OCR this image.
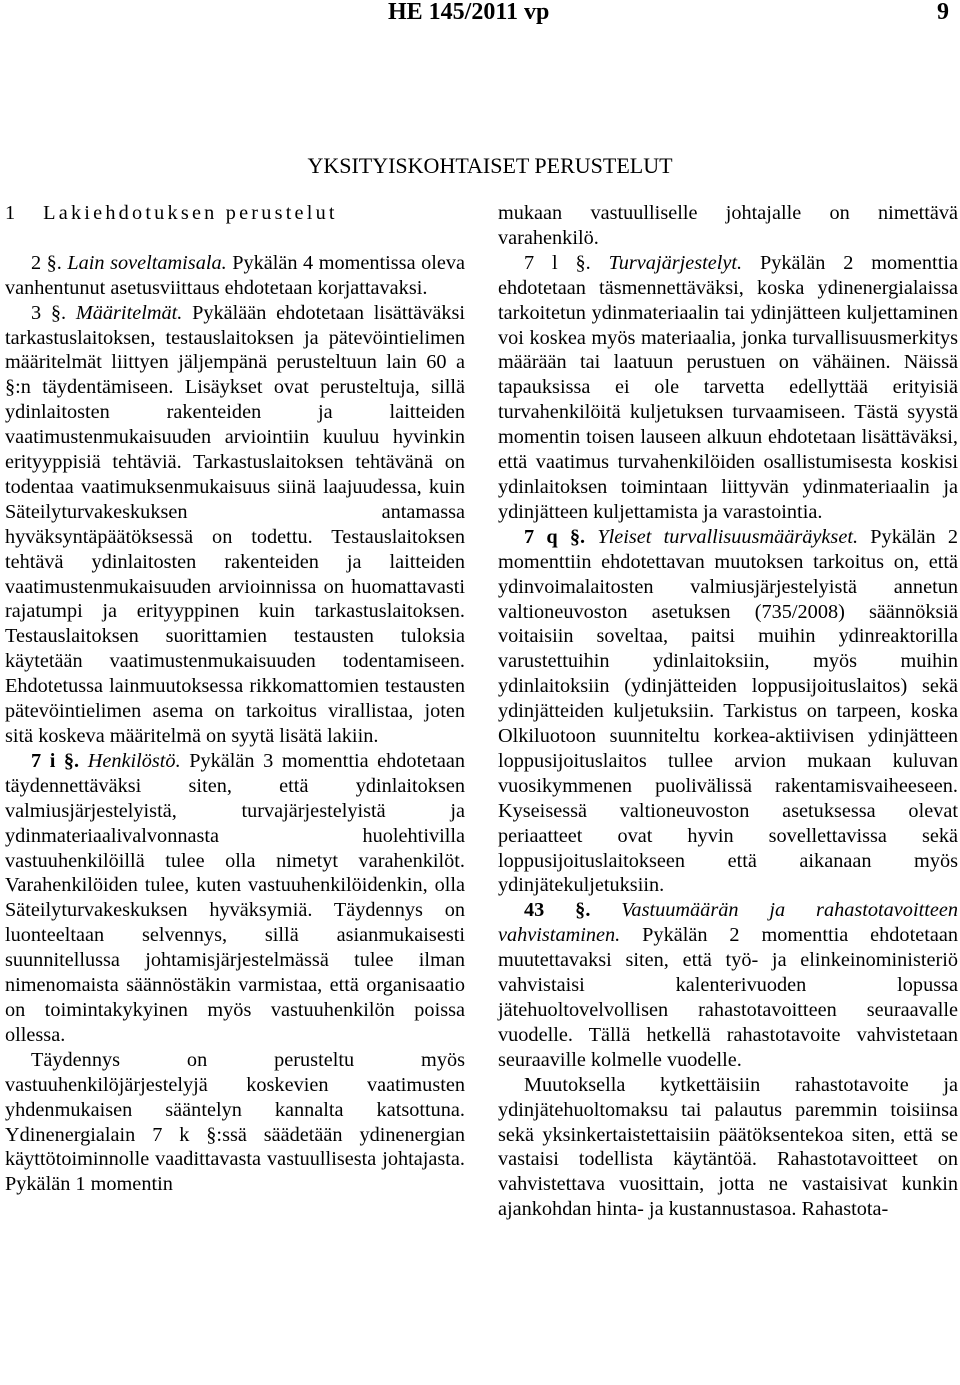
HE 145/2011 vp	9
YKSITYISKOHTAISET PERUSTELUT

1 Lakiehdotuksen perustelut

2 §. Lain soveltamisala. Pykälän 4 momentissa oleva vanhentunut asetusviittaus ehdotetaan korjattavaksi.

3 §. Määritelmät. Pykälään ehdotetaan lisättäväksi tarkastuslaitoksen, testauslaitoksen ja pätevöintielimen määritelmät liittyen jäljempänä perusteltuun lain 60 a §:n täydentämiseen. Lisäykset ovat perusteltuja, sillä ydinlaitosten rakenteiden ja laitteiden vaatimustenmukaisuuden arviointiin kuuluu hyvinkin erityyppisiä tehtäviä. Tarkastuslaitoksen tehtävänä on todentaa vaatimuksenmukaisuus siinä laajuudessa, kuin Säteilyturvakeskuksen antamassa hyväksyntäpäätöksessä on todettu. Testauslaitoksen tehtävä ydinlaitosten rakenteiden ja laitteiden vaatimustenmukaisuuden arvioinnissa on huomattavasti rajatumpi ja erityyppinen kuin tarkastuslaitoksen. Testauslaitoksen suorittamien testausten tuloksia käytetään vaatimustenmukaisuuden todentamiseen. Ehdotetussa lainmuutoksessa rikkomattomien testausten pätevöintielimen asema on tarkoitus virallistaa, joten sitä koskeva määritelmä on syytä lisätä lakiin.

7 i §. Henkilöstö. Pykälän 3 momenttia ehdotetaan täydennettäväksi siten, että ydinlaitoksen valmiusjärjestelyistä, turvajärjestelyistä ja ydinmateriaalivalvonnasta huolehtivilla vastuuhenkilöillä tulee olla nimetyt varahenkilöt. Varahenkilöiden tulee, kuten vastuuhenkilöidenkin, olla Säteilyturvakeskuksen hyväksymiä. Täydennys on luonteeltaan selvennys, sillä asianmukaisesti suunnitellussa johtamisjärjestelmässä tulee ilman nimenomaista säännöstäkin varmistaa, että organisaatio on toimintakykyinen myös vastuuhenkilön poissa ollessa.

Täydennys on perusteltu myös vastuuhenkilöjärjestelyjä koskevien vaatimusten yhdenmukaisen sääntelyn kannalta katsottuna. Ydinenergialain 7 k §:ssä säädetään ydinenergian käyttötoiminnolle vaadittavasta vastuullisesta johtajasta. Pykälän 1 momentin

mukaan vastuulliselle johtajalle on nimettävä varahenkilö.

7 l §. Turvajärjestelyt. Pykälän 2 momenttia ehdotetaan täsmennettäväksi, koska ydinenergialaissa tarkoitetun ydinmateriaalin tai ydinjätteen kuljettaminen voi koskea myös materiaalia, jonka turvallisuusmerkitys määrään tai laatuun perustuen on vähäinen. Näissä tapauksissa ei ole tarvetta edellyttää erityisiä turvahenkilöitä kuljetuksen turvaamiseen. Tästä syystä momentin toisen lauseen alkuun ehdotetaan lisättäväksi, että vaatimus turvahenkilöiden osallistumisesta koskisi ydinlaitoksen toimintaan liittyvän ydinmateriaalin ja ydinjätteen kuljettamista ja varastointia.

7 q §. Yleiset turvallisuusmääräykset. Pykälän 2 momenttiin ehdotettavan muutoksen tarkoitus on, että ydinvoimalaitosten valmiusjärjestelyistä annetun valtioneuvoston asetuksen (735/2008) säännöksiä voitaisiin soveltaa, paitsi muihin ydinreaktorilla varustettuihin ydinlaitoksiin, myös muihin ydinlaitoksiin (ydinjätteiden loppusijoituslaitos) sekä ydinjätteiden kuljetuksiin. Tarkistus on tarpeen, koska Olkiluotoon suunniteltu korkea-aktiivisen ydinjätteen loppusijoituslaitos tullee arvion mukaan kuluvan vuosikymmenen puolivälissä rakentamisvaiheeseen. Kyseisessä valtioneuvoston asetuksessa olevat periaatteet ovat hyvin sovellettavissa sekä loppusijoituslaitokseen että aikanaan myös ydinjätekuljetuksiin.

43 §. Vastuumäärän ja rahastotavoitteen vahvistaminen. Pykälän 2 momenttia ehdotetaan muutettavaksi siten, että työ- ja elinkeinoministeriö vahvistaisi kalenterivuoden lopussa jätehuoltovelvollisen rahastotavoitteen seuraavalle vuodelle. Tällä hetkellä rahastotavoite vahvistetaan seuraaville kolmelle vuodelle.

Muutoksella kytkettäisiin rahastotavoite ja ydinjätehuoltomaksu tai palautus paremmin toisiinsa sekä yksinkertaistettaisiin päätöksentekoa siten, että se vastaisi todellista käytäntöä. Rahastotavoitteet on vahvistettava vuosittain, jotta ne vastaisivat kunkin ajankohdan hinta- ja kustannustasoa. Rahastota-
